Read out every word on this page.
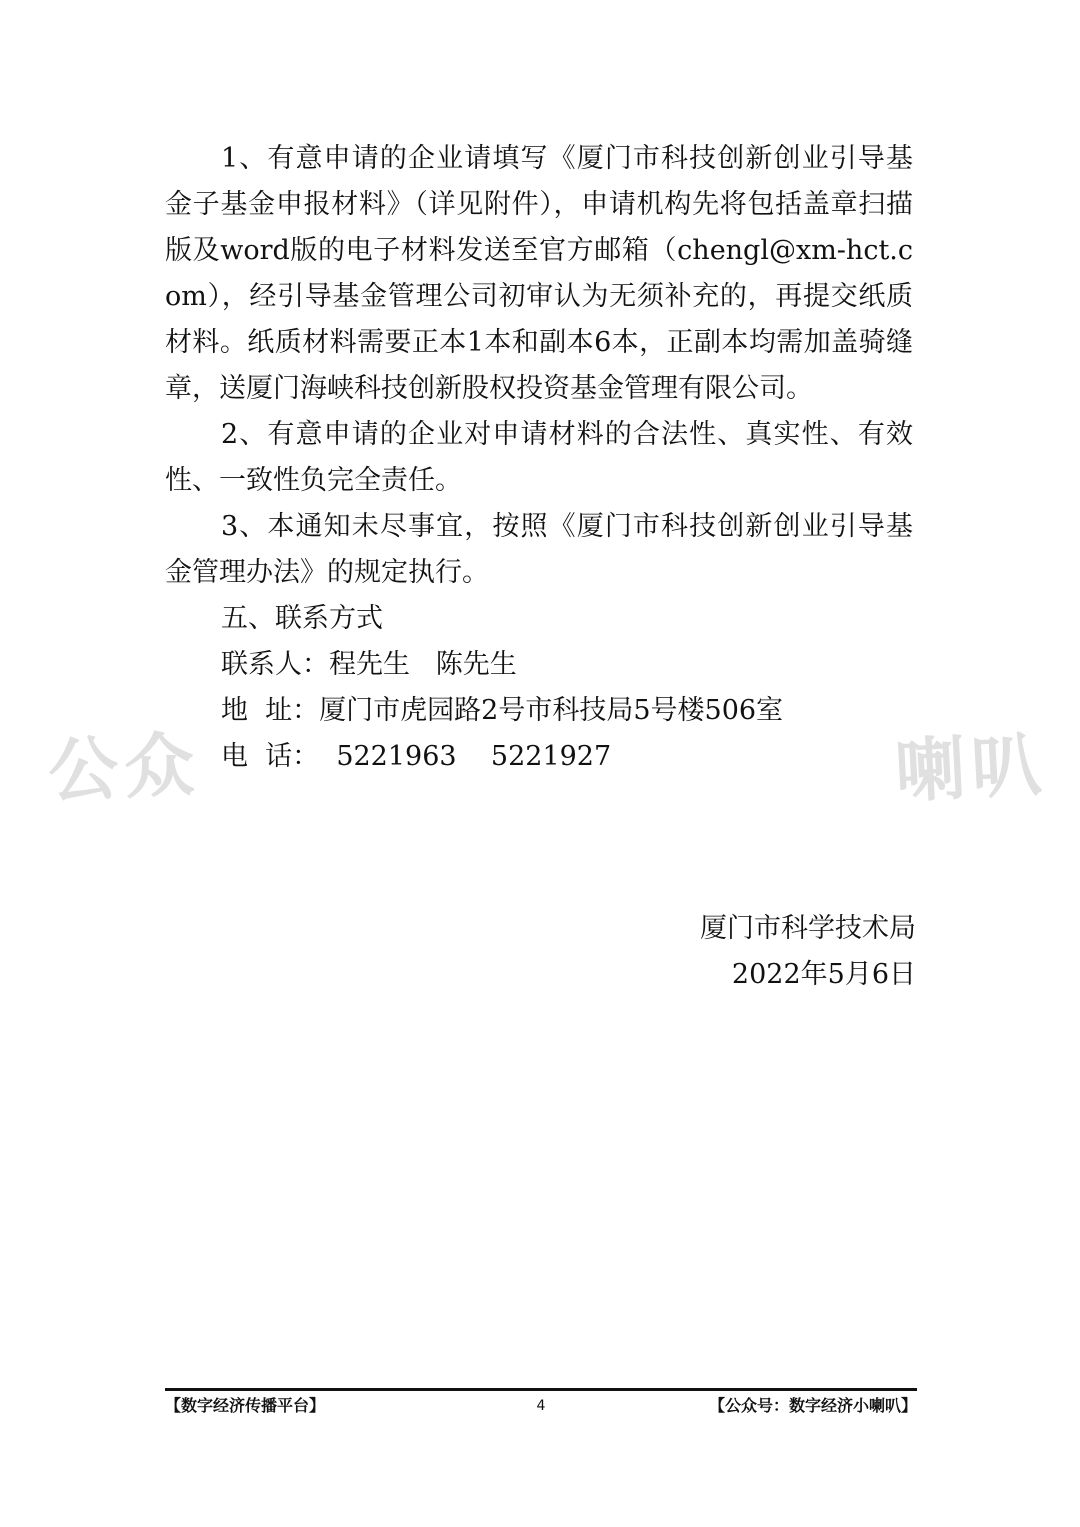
公众	喇叭

1、有意申请的企业请填写《厦门市科技创新创业引导基金子基金申报材料》（详见附件），申请机构先将包括盖章扫描版及word版的电子材料发送至官方邮箱（chengl@xm-hct.com），经引导基金管理公司初审认为无须补充的，再提交纸质材料。纸质材料需要正本1本和副本6本，正副本均需加盖骑缝章，送厦门海峡科技创新股权投资基金管理有限公司。

2、有意申请的企业对申请材料的合法性、真实性、有效性、一致性负完全责任。

3、本通知未尽事宜，按照《厦门市科技创新创业引导基金管理办法》的规定执行。

五、联系方式

联系人：程先生   陈先生

地  址：厦门市虎园路2号市科技局5号楼506室

电  话：  5221963    5221927

厦门市科学技术局
2022年5月6日
【数字经济传播平台】	4	【公众号：数字经济小喇叭】
